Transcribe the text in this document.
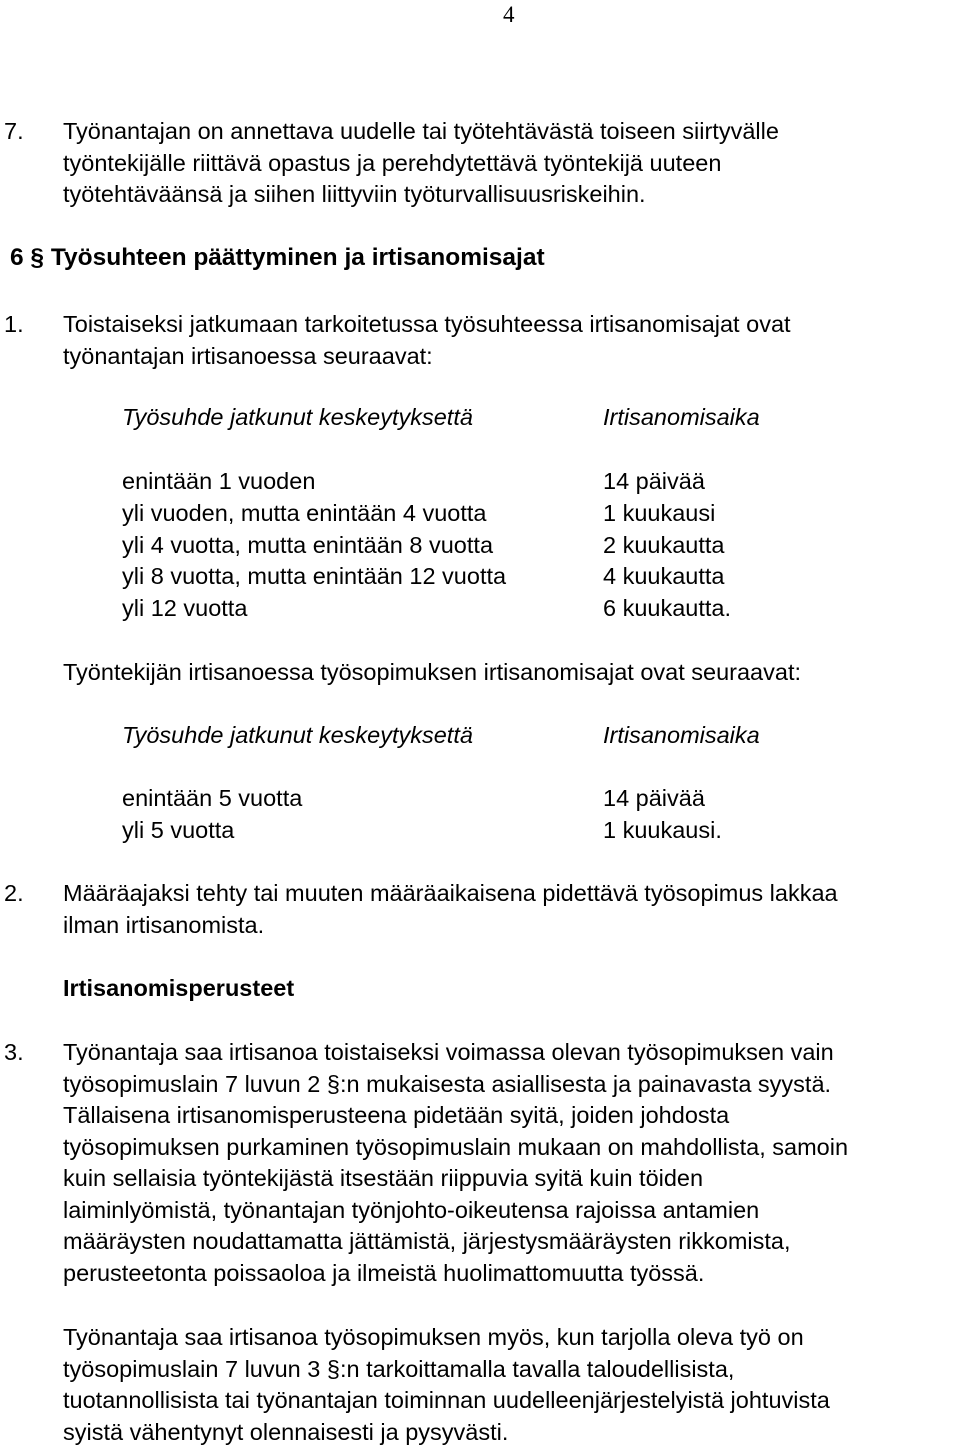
4
7. Työnantajan on annettava uudelle tai työtehtävästä toiseen siirtyvälle
työntekijälle riittävä opastus ja perehdytettävä työntekijä uuteen
työtehtäväänsä ja siihen liittyviin työturvallisuusriskeihin.
6 § Työsuhteen päättyminen ja irtisanomisajat
1. Toistaiseksi jatkumaan tarkoitetussa työsuhteessa irtisanomisajat ovat
työnantajan irtisanoessa seuraavat:
Työsuhde jatkunut keskeytyksettä	Irtisanomisaika
enintään 1 vuoden	14 päivää
yli vuoden, mutta enintään 4 vuotta	1 kuukausi
yli 4 vuotta, mutta enintään 8 vuotta	2 kuukautta
yli 8 vuotta, mutta enintään 12 vuotta	4 kuukautta
yli 12 vuotta	6 kuukautta.
Työntekijän irtisanoessa työsopimuksen irtisanomisajat ovat seuraavat:
Työsuhde jatkunut keskeytyksettä	Irtisanomisaika
enintään 5 vuotta	14 päivää
yli 5 vuotta	1 kuukausi.
2. Määräajaksi tehty tai muuten määräaikaisena pidettävä työsopimus lakkaa
ilman irtisanomista.
Irtisanomisperusteet
3. Työnantaja saa irtisanoa toistaiseksi voimassa olevan työsopimuksen vain
työsopimuslain 7 luvun 2 §:n mukaisesta asiallisesta ja painavasta syystä.
Tällaisena irtisanomisperusteena pidetään syitä, joiden johdosta
työsopimuksen purkaminen työsopimuslain mukaan on mahdollista, samoin
kuin sellaisia työntekijästä itsestään riippuvia syitä kuin töiden
laiminlyömistä, työnantajan työnjohto-oikeutensa rajoissa antamien
määräysten noudattamatta jättämistä, järjestysmääräysten rikkomista,
perusteetonta poissaoloa ja ilmeistä huolimattomuutta työssä.
Työnantaja saa irtisanoa työsopimuksen myös, kun tarjolla oleva työ on
työsopimuslain 7 luvun 3 §:n tarkoittamalla tavalla taloudellisista,
tuotannollisista tai työnantajan toiminnan uudelleenjärjestelyistä johtuvista
syistä vähentynyt olennaisesti ja pysyvästi.
